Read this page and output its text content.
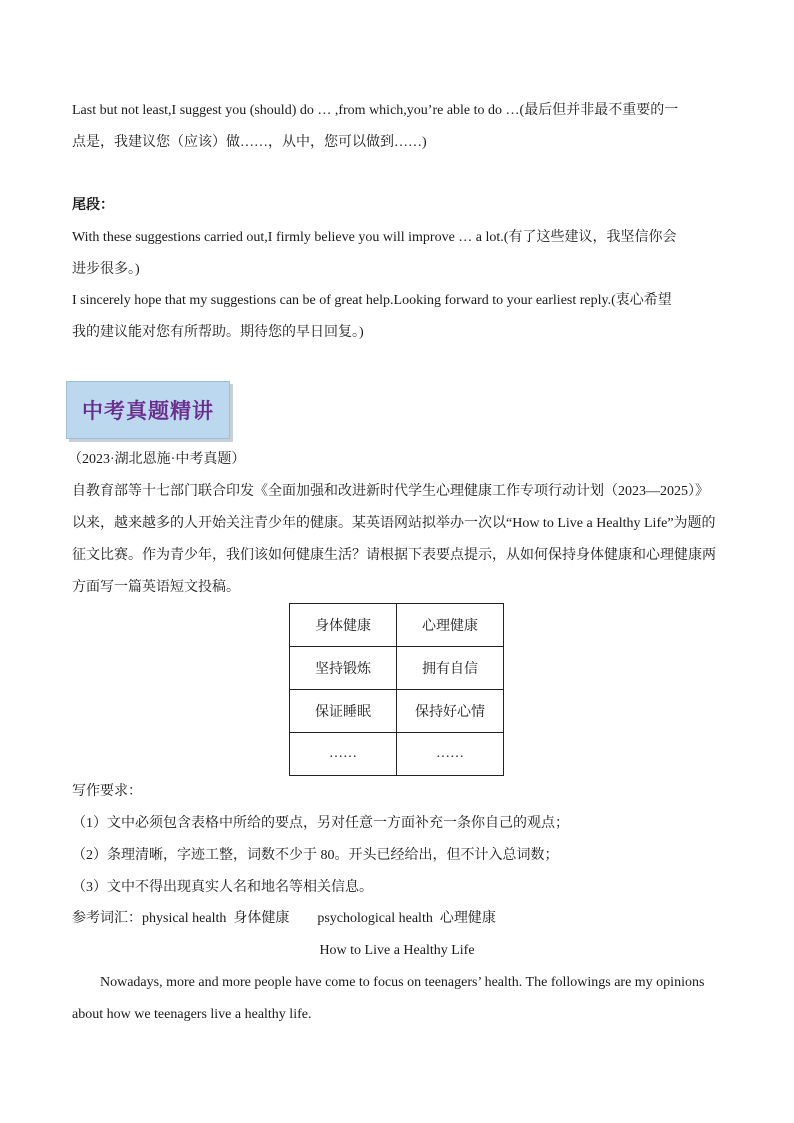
Last but not least,I suggest you (should) do … ,from which,you’re able to do …(最后但并非最不重要的一
点是，我建议您（应该）做……，从中，您可以做到……)
尾段：
With these suggestions carried out,I firmly believe you will improve … a lot.(有了这些建议，我坚信你会
进步很多。)
I sincerely hope that my suggestions can be of great help.Looking forward to your earliest reply.(衷心希望
我的建议能对您有所帮助。期待您的早日回复。)
中考真题精讲
（2023·湖北恩施·中考真题）
自教育部等十七部门联合印发《全面加强和改进新时代学生心理健康工作专项行动计划（2023—2025）》
以来，越来越多的人开始关注青少年的健康。某英语网站拟举办一次以“How to Live a Healthy Life”为题的
征文比赛。作为青少年，我们该如何健康生活？请根据下表要点提示，从如何保持身体健康和心理健康两
方面写一篇英语短文投稿。
身体健康	心理健康
坚持锻炼	拥有自信
保证睡眠	保持好心情
……	……
写作要求：
（1）文中必须包含表格中所给的要点，另对任意一方面补充一条你自己的观点；
（2）条理清晰，字迹工整，词数不少于 80。开头已经给出，但不计入总词数；
（3）文中不得出现真实人名和地名等相关信息。
参考词汇：physical health  身体健康        psychological health  心理健康
How to Live a Healthy Life
Nowadays, more and more people have come to focus on teenagers’ health. The followings are my opinions
about how we teenagers live a healthy life.
